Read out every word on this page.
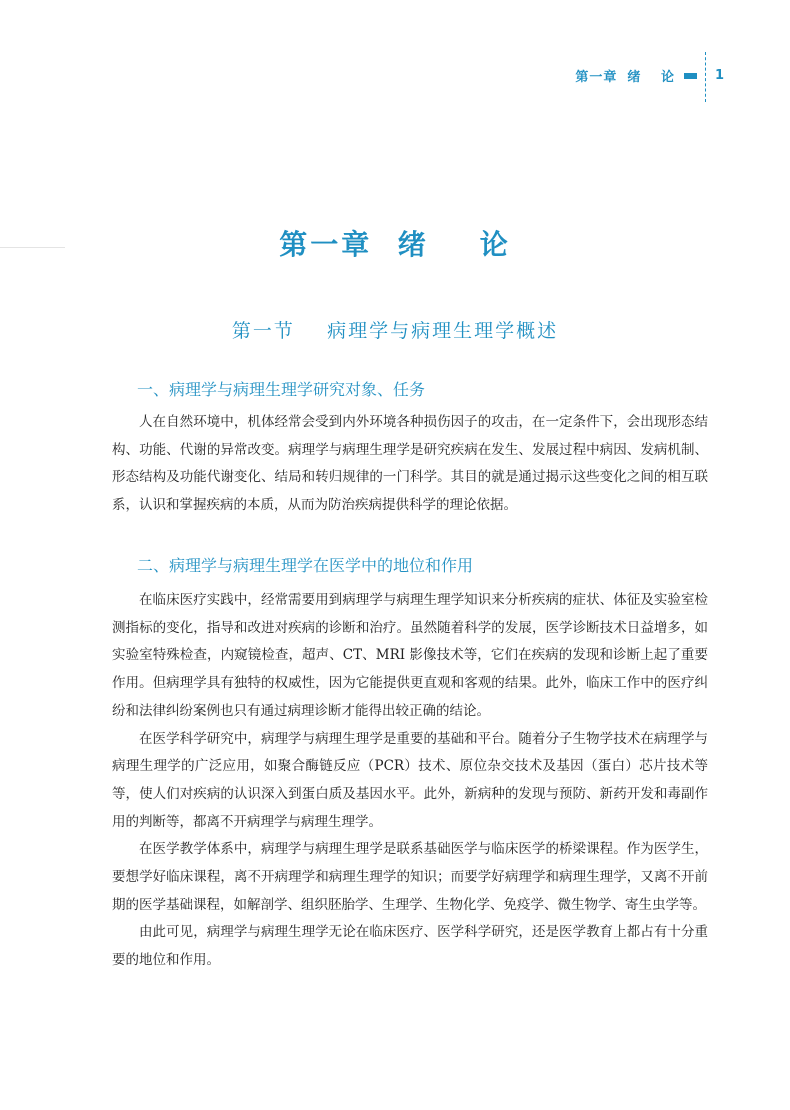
第一章 绪 论	1
第一章  绪    论
第一节    病理学与病理生理学概述
一、病理学与病理生理学研究对象、任务

人在自然环境中，机体经常会受到内外环境各种损伤因子的攻击，在一定条件下，会出现形态结构、功能、代谢的异常改变。病理学与病理生理学是研究疾病在发生、发展过程中病因、发病机制、形态结构及功能代谢变化、结局和转归规律的一门科学。其目的就是通过揭示这些变化之间的相互联系，认识和掌握疾病的本质，从而为防治疾病提供科学的理论依据。

二、病理学与病理生理学在医学中的地位和作用

在临床医疗实践中，经常需要用到病理学与病理生理学知识来分析疾病的症状、体征及实验室检测指标的变化，指导和改进对疾病的诊断和治疗。虽然随着科学的发展，医学诊断技术日益增多，如实验室特殊检查，内窥镜检查，超声、CT、MRI 影像技术等，它们在疾病的发现和诊断上起了重要作用。但病理学具有独特的权威性，因为它能提供更直观和客观的结果。此外，临床工作中的医疗纠纷和法律纠纷案例也只有通过病理诊断才能得出较正确的结论。

在医学科学研究中，病理学与病理生理学是重要的基础和平台。随着分子生物学技术在病理学与病理生理学的广泛应用，如聚合酶链反应（PCR）技术、原位杂交技术及基因（蛋白）芯片技术等等，使人们对疾病的认识深入到蛋白质及基因水平。此外，新病种的发现与预防、新药开发和毒副作用的判断等，都离不开病理学与病理生理学。

在医学教学体系中，病理学与病理生理学是联系基础医学与临床医学的桥梁课程。作为医学生，要想学好临床课程，离不开病理学和病理生理学的知识；而要学好病理学和病理生理学，又离不开前期的医学基础课程，如解剖学、组织胚胎学、生理学、生物化学、免疫学、微生物学、寄生虫学等。

由此可见，病理学与病理生理学无论在临床医疗、医学科学研究，还是医学教育上都占有十分重要的地位和作用。
